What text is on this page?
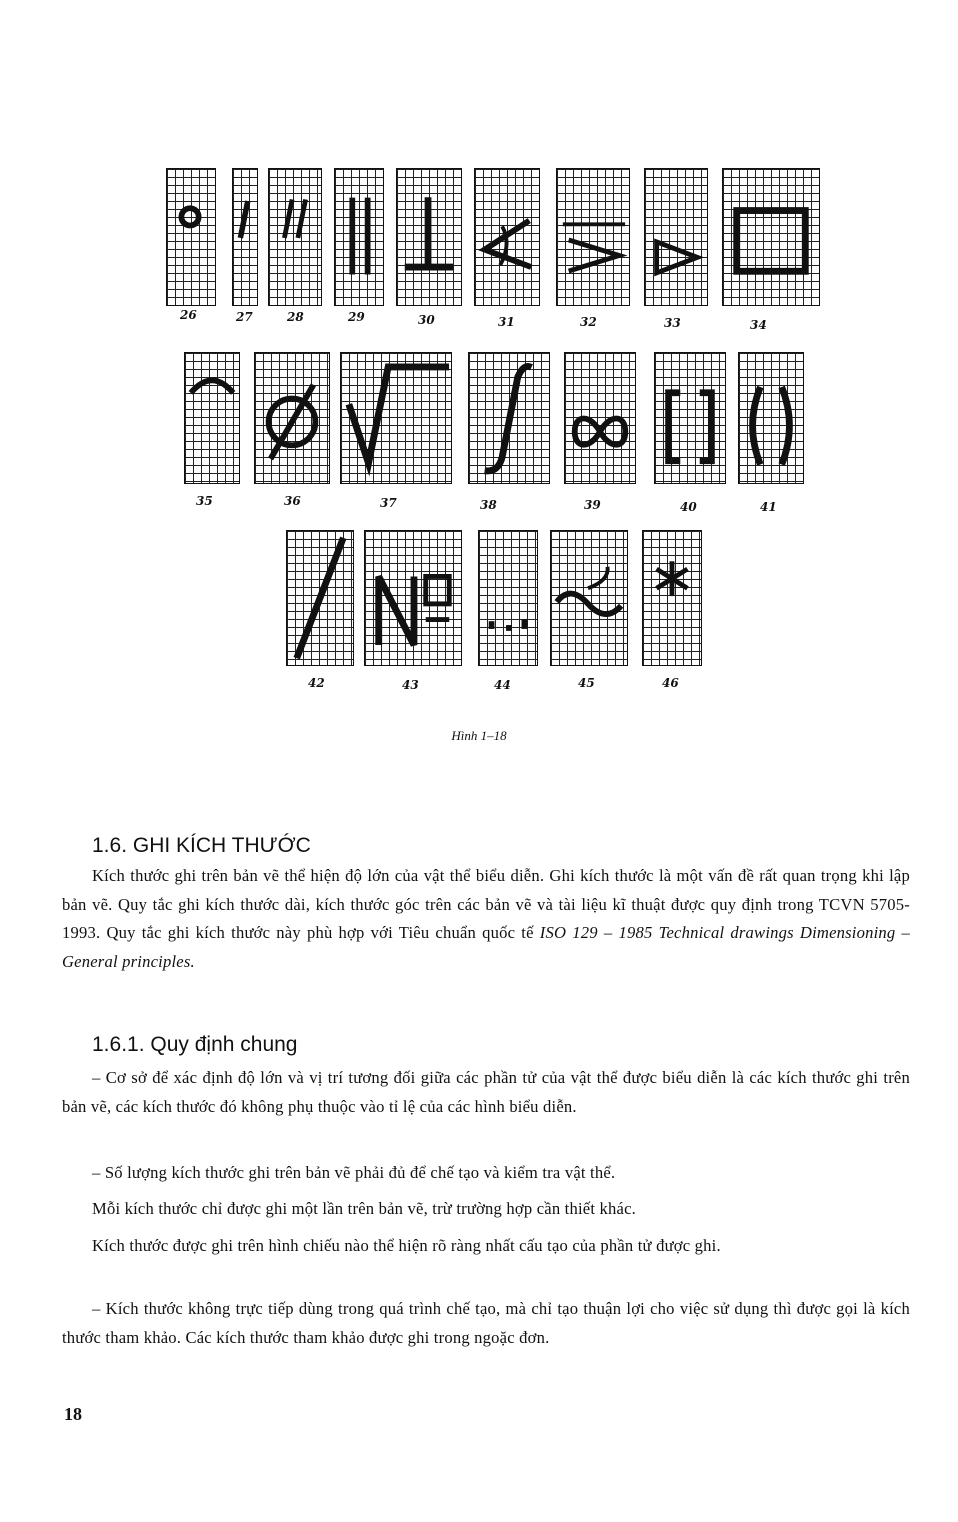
26	27	28	29	30	31	32	33	34
35	36	37	38	39	40	41
42	43	44	45	46
Hình 1–18
1.6. GHI KÍCH THƯỚC
Kích thước ghi trên bản vẽ thể hiện độ lớn của vật thể biểu diễn. Ghi kích thước là một vấn đề rất quan trọng khi lập bản vẽ. Quy tắc ghi kích thước dài, kích thước góc trên các bản vẽ và tài liệu kĩ thuật được quy định trong TCVN 5705-1993. Quy tắc ghi kích thước này phù hợp với Tiêu chuẩn quốc tế ISO 129 – 1985 Technical drawings Dimensioning – General principles.
1.6.1. Quy định chung
– Cơ sở để xác định độ lớn và vị trí tương đối giữa các phần tử của vật thể được biểu diễn là các kích thước ghi trên bản vẽ, các kích thước đó không phụ thuộc vào tỉ lệ của các hình biểu diễn.
– Số lượng kích thước ghi trên bản vẽ phải đủ để chế tạo và kiểm tra vật thể.
Mỗi kích thước chỉ được ghi một lần trên bản vẽ, trừ trường hợp cần thiết khác.
Kích thước được ghi trên hình chiếu nào thể hiện rõ ràng nhất cấu tạo của phần tử được ghi.
– Kích thước không trực tiếp dùng trong quá trình chế tạo, mà chỉ tạo thuận lợi cho việc sử dụng thì được gọi là kích thước tham khảo. Các kích thước tham khảo được ghi trong ngoặc đơn.
18
